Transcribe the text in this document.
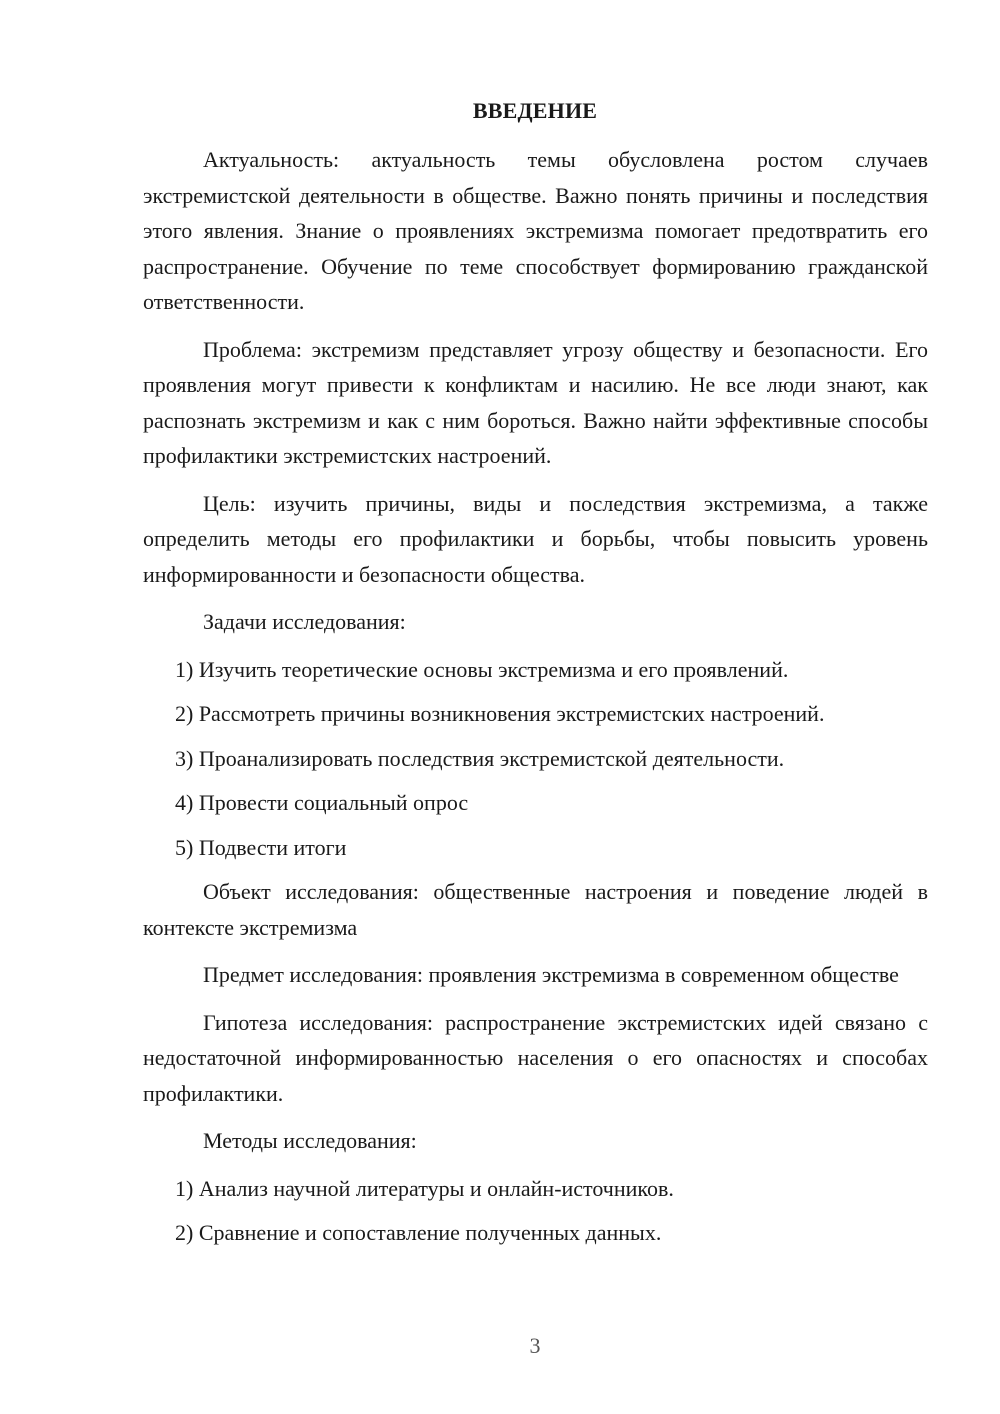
ВВЕДЕНИЕ

Актуальность: актуальность темы обусловлена ростом случаев экстремистской деятельности в обществе. Важно понять причины и последствия этого явления. Знание о проявлениях экстремизма помогает предотвратить его распространение. Обучение по теме способствует формированию гражданской ответственности.

Проблема: экстремизм представляет угрозу обществу и безопасности. Его проявления могут привести к конфликтам и насилию. Не все люди знают, как распознать экстремизм и как с ним бороться. Важно найти эффективные способы профилактики экстремистских настроений.

Цель: изучить причины, виды и последствия экстремизма, а также определить методы его профилактики и борьбы, чтобы повысить уровень информированности и безопасности общества.

Задачи исследования:

1) Изучить теоретические основы экстремизма и его проявлений.

2) Рассмотреть причины возникновения экстремистских настроений.

3) Проанализировать последствия экстремистской деятельности.

4) Провести социальный опрос

5) Подвести итоги

Объект исследования: общественные настроения и поведение людей в контексте экстремизма

Предмет исследования: проявления экстремизма в современном обществе

Гипотеза исследования: распространение экстремистских идей связано с недостаточной информированностью населения о его опасностях и способах профилактики.

Методы исследования:

1) Анализ научной литературы и онлайн-источников.

2) Сравнение и сопоставление полученных данных.

3
